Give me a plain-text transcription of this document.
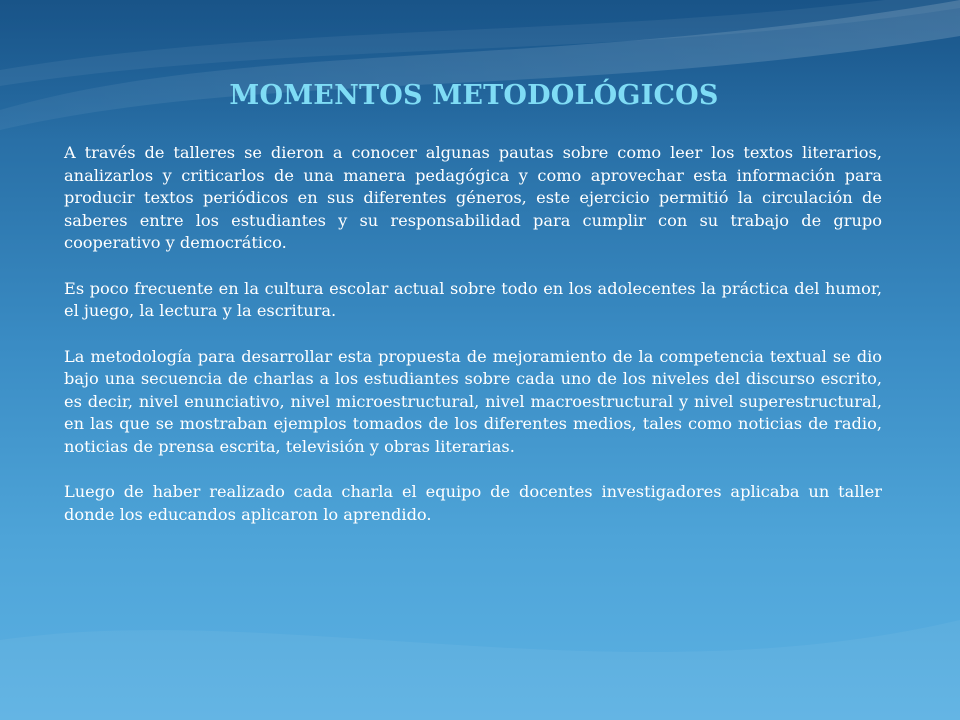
MOMENTOS METODOLÓGICOS

A través de talleres se dieron a conocer algunas pautas sobre como leer los textos literarios, analizarlos y criticarlos de una manera pedagógica y como aprovechar esta información para producir textos periódicos en sus diferentes géneros, este ejercicio permitió la circulación de saberes entre los estudiantes y su responsabilidad para cumplir con su trabajo de grupo cooperativo y democrático.

Es poco frecuente en la cultura escolar actual sobre todo en los adolecentes la práctica del humor, el juego, la lectura y la escritura.

La metodología para desarrollar esta propuesta de mejoramiento de la competencia textual se dio bajo una secuencia de charlas a los estudiantes sobre cada uno de los niveles del discurso escrito, es decir, nivel enunciativo, nivel microestructural, nivel macroestructural y nivel superestructural, en las que se mostraban ejemplos tomados de los diferentes medios, tales como noticias de radio, noticias de prensa escrita, televisión y obras literarias.

Luego de haber realizado cada charla el equipo de docentes investigadores aplicaba un taller donde los educandos aplicaron lo aprendido.
